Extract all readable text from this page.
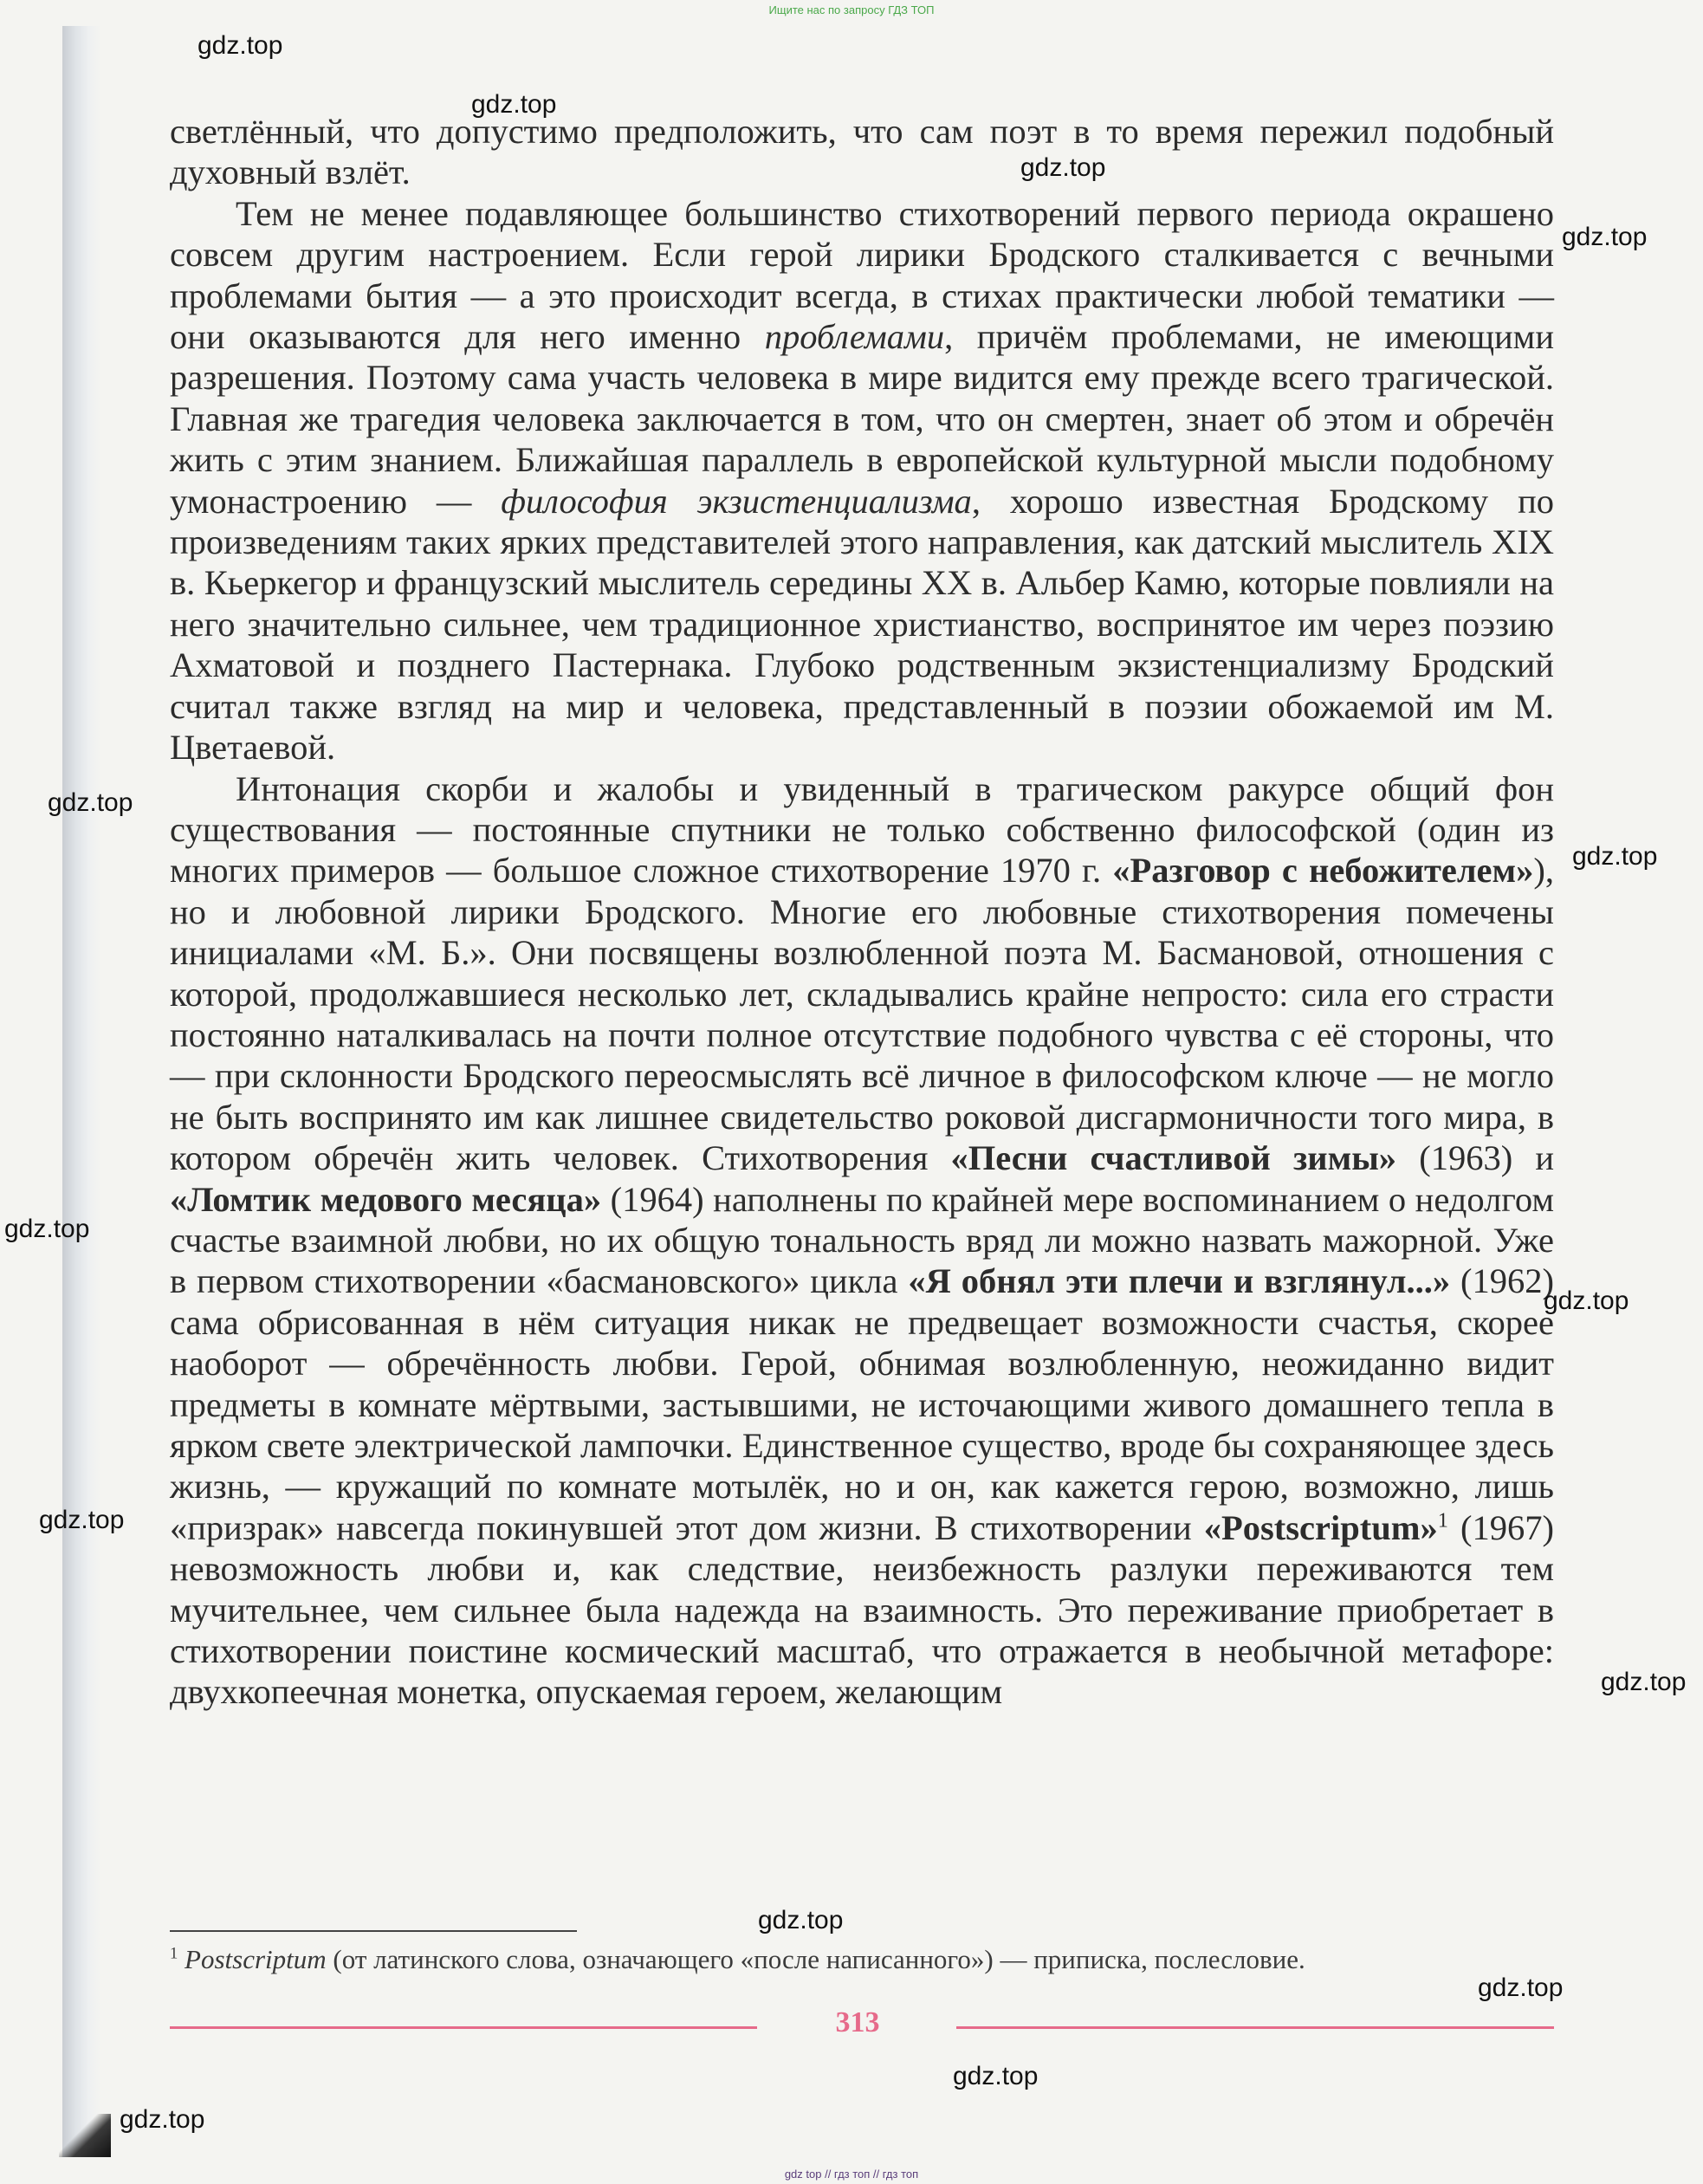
Ищите нас по запросу ГДЗ ТОП

светлённый, что допустимо предположить, что сам поэт в то время пережил подобный духовный взлёт.

Тем не менее подавляющее большинство стихотворений первого периода окрашено совсем другим настроением. Если герой лирики Бродского сталкивается с вечными проблемами бытия — а это происходит всегда, в стихах практически любой тематики — они оказываются для него именно проблемами, причём проблемами, не имеющими разрешения. Поэтому сама участь человека в мире видится ему прежде всего трагической. Главная же трагедия человека заключается в том, что он смертен, знает об этом и обречён жить с этим знанием. Ближайшая параллель в европейской культурной мысли подобному умонастроению — философия экзистенциализма, хорошо известная Бродскому по произведениям таких ярких представителей этого направления, как датский мыслитель XIX в. Кьеркегор и французский мыслитель середины XX в. Альбер Камю, которые повлияли на него значительно сильнее, чем традиционное христианство, воспринятое им через поэзию Ахматовой и позднего Пастернака. Глубоко родственным экзистенциализму Бродский считал также взгляд на мир и человека, представленный в поэзии обожаемой им М. Цветаевой.

Интонация скорби и жалобы и увиденный в трагическом ракурсе общий фон существования — постоянные спутники не только собственно философской (один из многих примеров — большое сложное стихотворение 1970 г. «Разговор с небожителем»), но и любовной лирики Бродского. Многие его любовные стихотворения помечены инициалами «М. Б.». Они посвящены возлюбленной поэта М. Басмановой, отношения с которой, продолжавшиеся несколько лет, складывались крайне непросто: сила его страсти постоянно наталкивалась на почти полное отсутствие подобного чувства с её стороны, что — при склонности Бродского переосмыслять всё личное в философском ключе — не могло не быть воспринято им как лишнее свидетельство роковой дисгармоничности того мира, в котором обречён жить человек. Стихотворения «Песни счастливой зимы» (1963) и «Ломтик медового месяца» (1964) наполнены по крайней мере воспоминанием о недолгом счастье взаимной любви, но их общую тональность вряд ли можно назвать мажорной. Уже в первом стихотворении «басмановского» цикла «Я обнял эти плечи и взглянул...» (1962) сама обрисованная в нём ситуация никак не предвещает возможности счастья, скорее наоборот — обречённость любви. Герой, обнимая возлюбленную, неожиданно видит предметы в комнате мёртвыми, застывшими, не источающими живого домашнего тепла в ярком свете электрической лампочки. Единственное существо, вроде бы сохраняющее здесь жизнь, — кружащий по комнате мотылёк, но и он, как кажется герою, возможно, лишь «призрак» навсегда покинувшей этот дом жизни. В стихотворении «Postscriptum»$^1$ (1967) невозможность любви и, как следствие, неизбежность разлуки переживаются тем мучительнее, чем сильнее была надежда на взаимность. Это переживание приобретает в стихотворении поистине космический масштаб, что отражается в необычной метафоре: двухкопеечная монетка, опускаемая героем, желающим

$^1$ Postscriptum (от латинского слова, означающего «после написанного») — приписка, послесловие.
313
gdz.top
gdz.top
gdz.top
gdz.top
gdz.top
gdz.top
gdz.top
gdz.top
gdz.top
gdz.top
gdz.top
gdz.top
gdz.top
gdz.top
gdz top // гдз топ // гдз топ
